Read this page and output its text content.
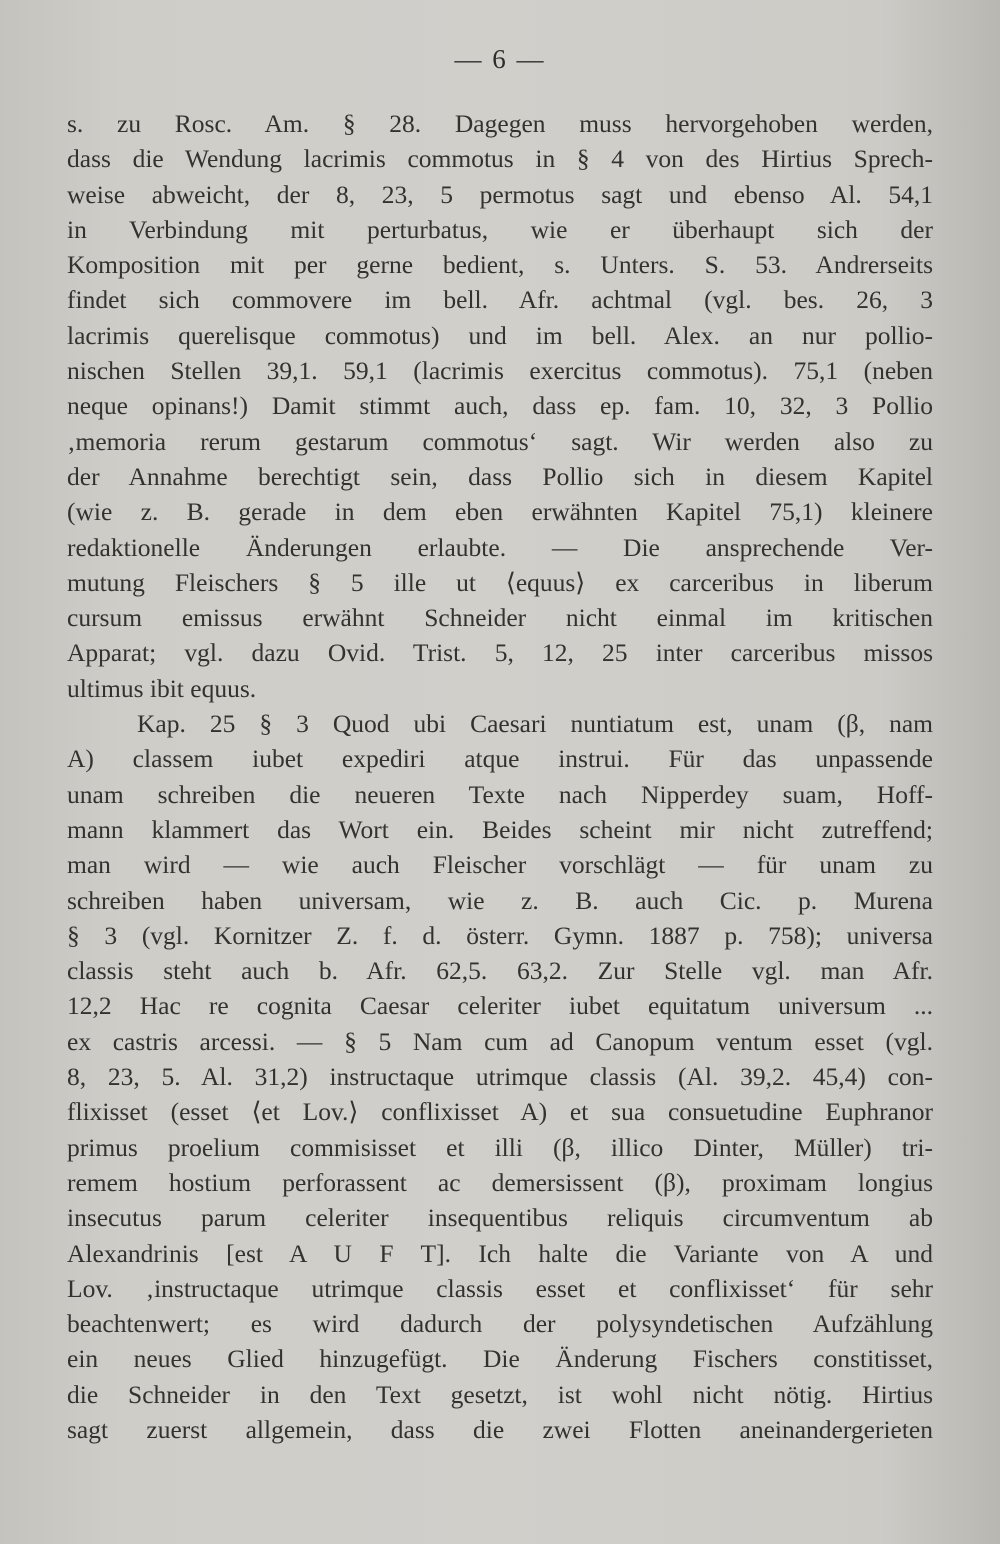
— 6 —
s. zu Rosc. Am. § 28. Dagegen muss hervorgehoben werden,
dass die Wendung lacrimis commotus in § 4 von des Hirtius Sprech-
weise abweicht, der 8, 23, 5 permotus sagt und ebenso Al. 54,1
in Verbindung mit perturbatus, wie er überhaupt sich der
Komposition mit per gerne bedient, s. Unters. S. 53. Andrerseits
findet sich commovere im bell. Afr. achtmal (vgl. bes. 26, 3
lacrimis querelisque commotus) und im bell. Alex. an nur pollio-
nischen Stellen 39,1. 59,1 (lacrimis exercitus commotus). 75,1 (neben
neque opinans!) Damit stimmt auch, dass ep. fam. 10, 32, 3 Pollio
‚memoria rerum gestarum commotus‘ sagt. Wir werden also zu
der Annahme berechtigt sein, dass Pollio sich in diesem Kapitel
(wie z. B. gerade in dem eben erwähnten Kapitel 75,1) kleinere
redaktionelle Änderungen erlaubte. — Die ansprechende Ver-
mutung Fleischers § 5 ille ut ⟨equus⟩ ex carceribus in liberum
cursum emissus erwähnt Schneider nicht einmal im kritischen
Apparat; vgl. dazu Ovid. Trist. 5, 12, 25 inter carceribus missos
ultimus ibit equus.
Kap. 25 § 3 Quod ubi Caesari nuntiatum est, unam (β, nam
A) classem iubet expediri atque instrui. Für das unpassende
unam schreiben die neueren Texte nach Nipperdey suam, Hoff-
mann klammert das Wort ein. Beides scheint mir nicht zutreffend;
man wird — wie auch Fleischer vorschlägt — für unam zu
schreiben haben universam, wie z. B. auch Cic. p. Murena
§ 3 (vgl. Kornitzer Z. f. d. österr. Gymn. 1887 p. 758); universa
classis steht auch b. Afr. 62,5. 63,2. Zur Stelle vgl. man Afr.
12,2 Hac re cognita Caesar celeriter iubet equitatum universum ...
ex castris arcessi. — § 5 Nam cum ad Canopum ventum esset (vgl.
8, 23, 5. Al. 31,2) instructaque utrimque classis (Al. 39,2. 45,4) con-
flixisset (esset ⟨et Lov.⟩ conflixisset A) et sua consuetudine Euphranor
primus proelium commisisset et illi (β, illico Dinter, Müller) tri-
remem hostium perforassent ac demersissent (β), proximam longius
insecutus parum celeriter insequentibus reliquis circumventum ab
Alexandrinis [est A U F T]. Ich halte die Variante von A und
Lov. ‚instructaque utrimque classis esset et conflixisset‘ für sehr
beachtenwert; es wird dadurch der polysyndetischen Aufzählung
ein neues Glied hinzugefügt. Die Änderung Fischers constitisset,
die Schneider in den Text gesetzt, ist wohl nicht nötig. Hirtius
sagt zuerst allgemein, dass die zwei Flotten aneinandergerieten
